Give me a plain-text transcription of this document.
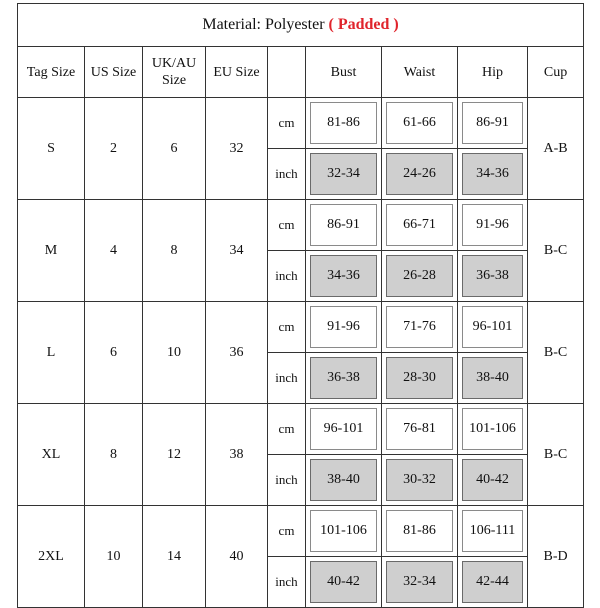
Material: Polyester ( Padded )								
Tag Size	US Size	UK/AU Size	EU Size		Bust	Waist	Hip	Cup
S	2	6	32	cm	81-86	61-66	86-91	A-B
				inch	32-34	24-26	34-36	

M	4	8	34	cm	86-91	66-71	91-96	B-C
				inch	34-36	26-28	36-38	

L	6	10	36	cm	91-96	71-76	96-101	B-C
				inch	36-38	28-30	38-40	

XL	8	12	38	cm	96-101	76-81	101-106	B-C
				inch	38-40	30-32	40-42	

2XL	10	14	40	cm	101-106	81-86	106-111	B-D
				inch	40-42	32-34	42-44	
